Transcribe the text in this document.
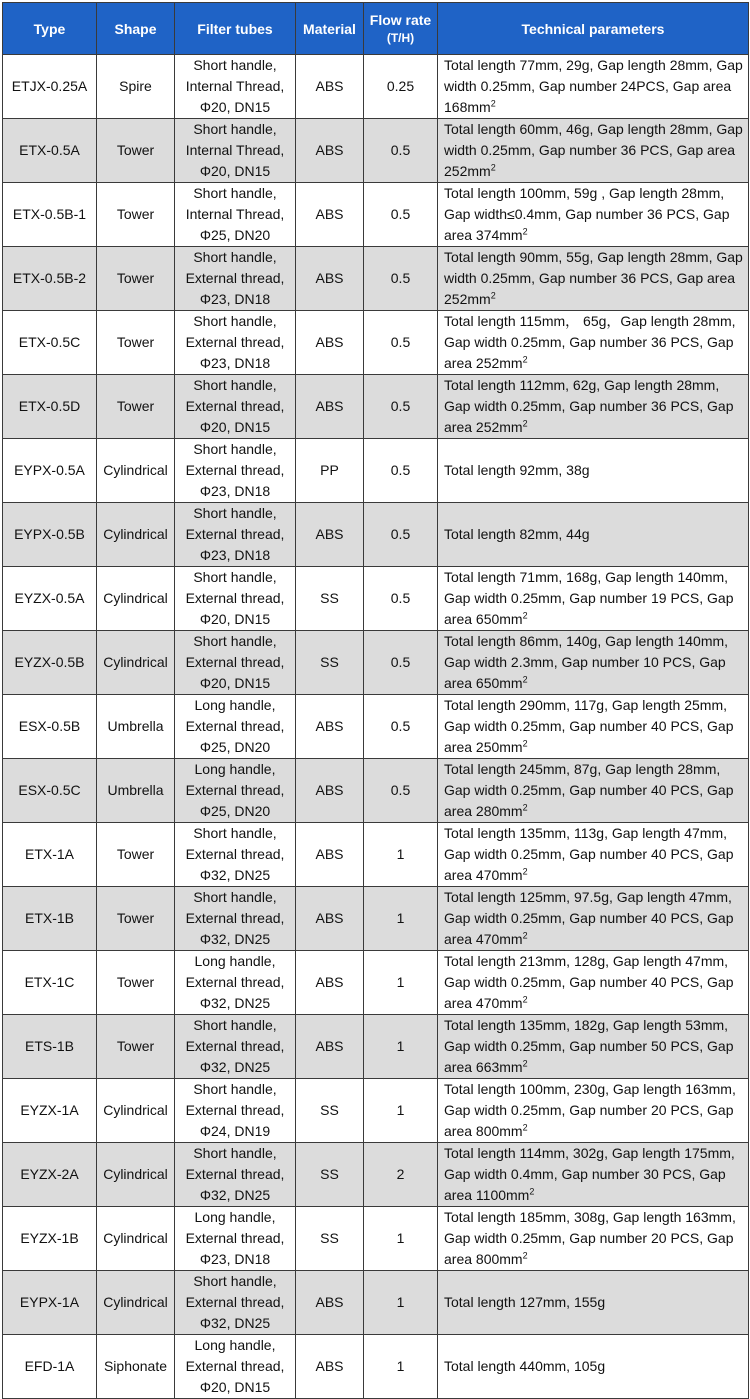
Type	Shape	Filter tubes	Material	Flow rate
(T/H)	Technical parameters
ETJX-0.25A	Spire	Short handle,
Internal Thread,
Φ20, DN15	ABS	0.25	Total length 77mm, 29g, Gap length 28mm, Gap width 0.25mm, Gap number 24PCS, Gap area $168mm^2$
ETX-0.5A	Tower	Short handle,
Internal Thread,
Φ20, DN15	ABS	0.5	Total length 60mm, 46g, Gap length 28mm, Gap width 0.25mm, Gap number 36 PCS, Gap area $252mm^2$
ETX-0.5B-1	Tower	Short handle,
Internal Thread,
Φ25, DN20	ABS	0.5	Total length 100mm, 59g , Gap length 28mm, Gap width≤0.4mm, Gap number 36 PCS, Gap area $374mm^2$
ETX-0.5B-2	Tower	Short handle,
External thread,
Φ23, DN18	ABS	0.5	Total length 90mm, 55g, Gap length 28mm, Gap width 0.25mm, Gap number 36 PCS, Gap area $252mm^2$
ETX-0.5C	Tower	Short handle,
External thread,
Φ23, DN18	ABS	0.5	Total length 115mm， 65g，Gap length 28mm, Gap width 0.25mm, Gap number 36 PCS, Gap area $252mm^2$
ETX-0.5D	Tower	Short handle,
External thread,
Φ20, DN15	ABS	0.5	Total length 112mm, 62g, Gap length 28mm, Gap width 0.25mm, Gap number 36 PCS, Gap area $252mm^2$
EYPX-0.5A	Cylindrical	Short handle,
External thread,
Φ23, DN18	PP	0.5	Total length 92mm, 38g
EYPX-0.5B	Cylindrical	Short handle,
External thread,
Φ23, DN18	ABS	0.5	Total length 82mm, 44g
EYZX-0.5A	Cylindrical	Short handle,
External thread,
Φ20, DN15	SS	0.5	Total length 71mm, 168g, Gap length 140mm, Gap width 0.25mm, Gap number 19 PCS, Gap area $650mm^2$
EYZX-0.5B	Cylindrical	Short handle,
External thread,
Φ20, DN15	SS	0.5	Total length 86mm, 140g, Gap length 140mm, Gap width 2.3mm, Gap number 10 PCS, Gap area $650mm^2$
ESX-0.5B	Umbrella	Long handle,
External thread,
Φ25, DN20	ABS	0.5	Total length 290mm, 117g, Gap length 25mm, Gap width 0.25mm, Gap number 40 PCS, Gap area $250mm^2$
ESX-0.5C	Umbrella	Long handle,
External thread,
Φ25, DN20	ABS	0.5	Total length 245mm, 87g, Gap length 28mm, Gap width 0.25mm, Gap number 40 PCS, Gap area $280mm^2$
ETX-1A	Tower	Short handle,
External thread,
Φ32, DN25	ABS	1	Total length 135mm, 113g, Gap length 47mm, Gap width 0.25mm, Gap number 40 PCS, Gap area $470mm^2$
ETX-1B	Tower	Short handle,
External thread,
Φ32, DN25	ABS	1	Total length 125mm, 97.5g, Gap length 47mm, Gap width 0.25mm, Gap number 40 PCS, Gap area $470mm^2$
ETX-1C	Tower	Long handle,
External thread,
Φ32, DN25	ABS	1	Total length 213mm, 128g, Gap length 47mm, Gap width 0.25mm, Gap number 40 PCS, Gap area $470mm^2$
ETS-1B	Tower	Short handle,
External thread,
Φ32, DN25	ABS	1	Total length 135mm, 182g, Gap length 53mm, Gap width 0.25mm, Gap number 50 PCS, Gap area $663mm^2$
EYZX-1A	Cylindrical	Short handle,
External thread,
Φ24, DN19	SS	1	Total length 100mm, 230g, Gap length 163mm, Gap width 0.25mm, Gap number 20 PCS, Gap area $800mm^2$
EYZX-2A	Cylindrical	Short handle,
External thread,
Φ32, DN25	SS	2	Total length 114mm, 302g, Gap length 175mm, Gap width 0.4mm, Gap number 30 PCS, Gap area $1100mm^2$
EYZX-1B	Cylindrical	Long handle,
External thread,
Φ23, DN18	SS	1	Total length 185mm, 308g, Gap length 163mm, Gap width 0.25mm, Gap number 20 PCS, Gap area $800mm^2$
EYPX-1A	Cylindrical	Short handle,
External thread,
Φ32, DN25	ABS	1	Total length 127mm, 155g
EFD-1A	Siphonate	Long handle,
External thread,
Φ20, DN15	ABS	1	Total length 440mm, 105g
